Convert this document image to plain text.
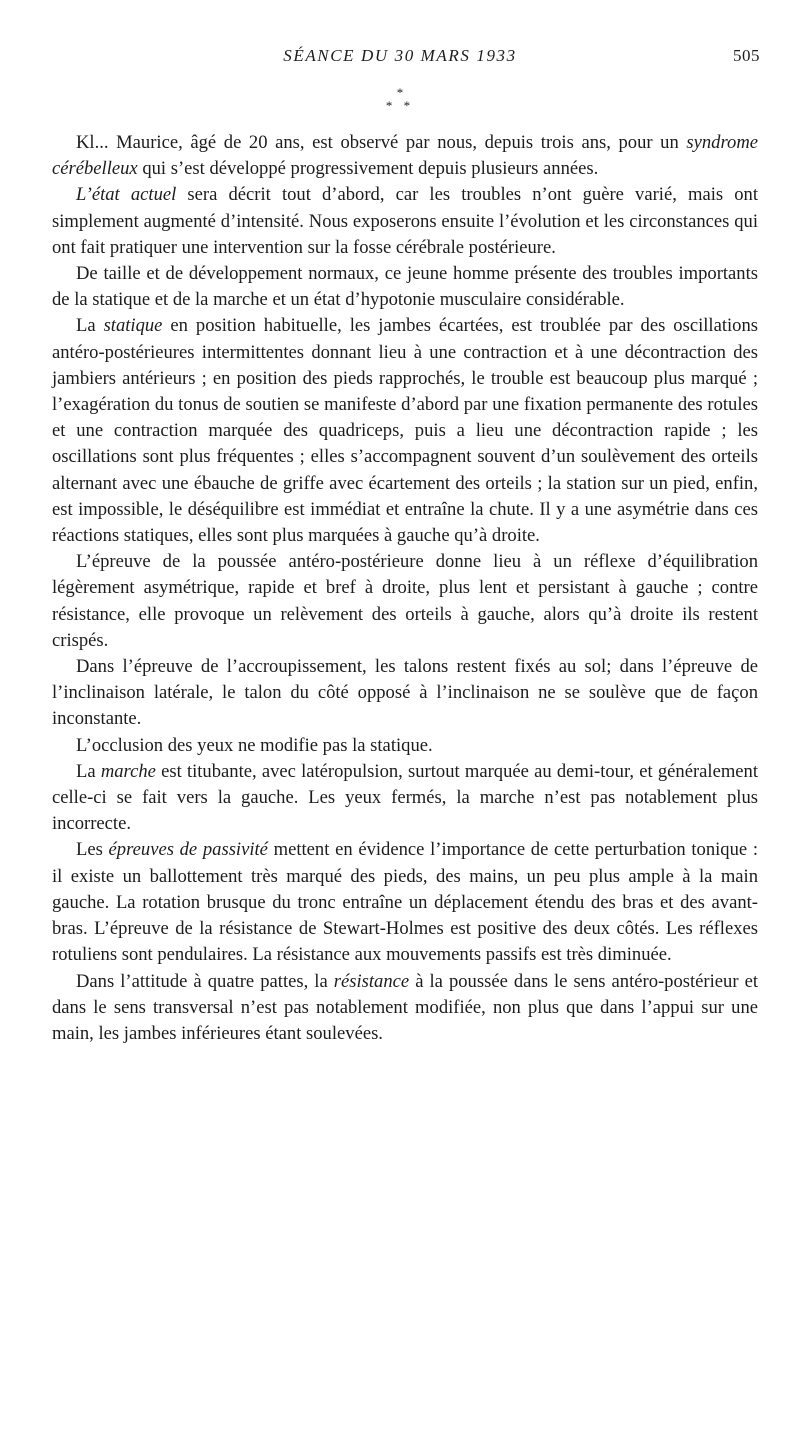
SÉANCE DU 30 MARS 1933	505
*
* *

Kl... Maurice, âgé de 20 ans, est observé par nous, depuis trois ans, pour un syndrome cérébelleux qui s’est développé progressivement depuis plusieurs années.

L’état actuel sera décrit tout d’abord, car les troubles n’ont guère varié, mais ont simplement augmenté d’intensité. Nous exposerons ensuite l’évolution et les circonstances qui ont fait pratiquer une intervention sur la fosse cérébrale postérieure.

De taille et de développement normaux, ce jeune homme présente des troubles importants de la statique et de la marche et un état d’hypotonie musculaire considérable.

La statique en position habituelle, les jambes écartées, est troublée par des oscillations antéro-postérieures intermittentes donnant lieu à une contraction et à une décontraction des jambiers antérieurs ; en position des pieds rapprochés, le trouble est beaucoup plus marqué ; l’exagération du tonus de soutien se manifeste d’abord par une fixation permanente des rotules et une contraction marquée des quadriceps, puis a lieu une décontraction rapide ; les oscillations sont plus fréquentes ; elles s’accompagnent souvent d’un soulèvement des orteils alternant avec une ébauche de griffe avec écartement des orteils ; la station sur un pied, enfin, est impossible, le déséquilibre est immédiat et entraîne la chute. Il y a une asymétrie dans ces réactions statiques, elles sont plus marquées à gauche qu’à droite.

L’épreuve de la poussée antéro-postérieure donne lieu à un réflexe d’équilibration légèrement asymétrique, rapide et bref à droite, plus lent et persistant à gauche ; contre résistance, elle provoque un relèvement des orteils à gauche, alors qu’à droite ils restent crispés.

Dans l’épreuve de l’accroupissement, les talons restent fixés au sol; dans l’épreuve de l’inclinaison latérale, le talon du côté opposé à l’inclinaison ne se soulève que de façon inconstante.

L’occlusion des yeux ne modifie pas la statique.

La marche est titubante, avec latéropulsion, surtout marquée au demi-tour, et généralement celle-ci se fait vers la gauche. Les yeux fermés, la marche n’est pas notablement plus incorrecte.

Les épreuves de passivité mettent en évidence l’importance de cette perturbation tonique : il existe un ballottement très marqué des pieds, des mains, un peu plus ample à la main gauche. La rotation brusque du tronc entraîne un déplacement étendu des bras et des avant-bras. L’épreuve de la résistance de Stewart-Holmes est positive des deux côtés. Les réflexes rotuliens sont pendulaires. La résistance aux mouvements passifs est très diminuée.

Dans l’attitude à quatre pattes, la résistance à la poussée dans le sens antéro-postérieur et dans le sens transversal n’est pas notablement modifiée, non plus que dans l’appui sur une main, les jambes inférieures étant soulevées.
